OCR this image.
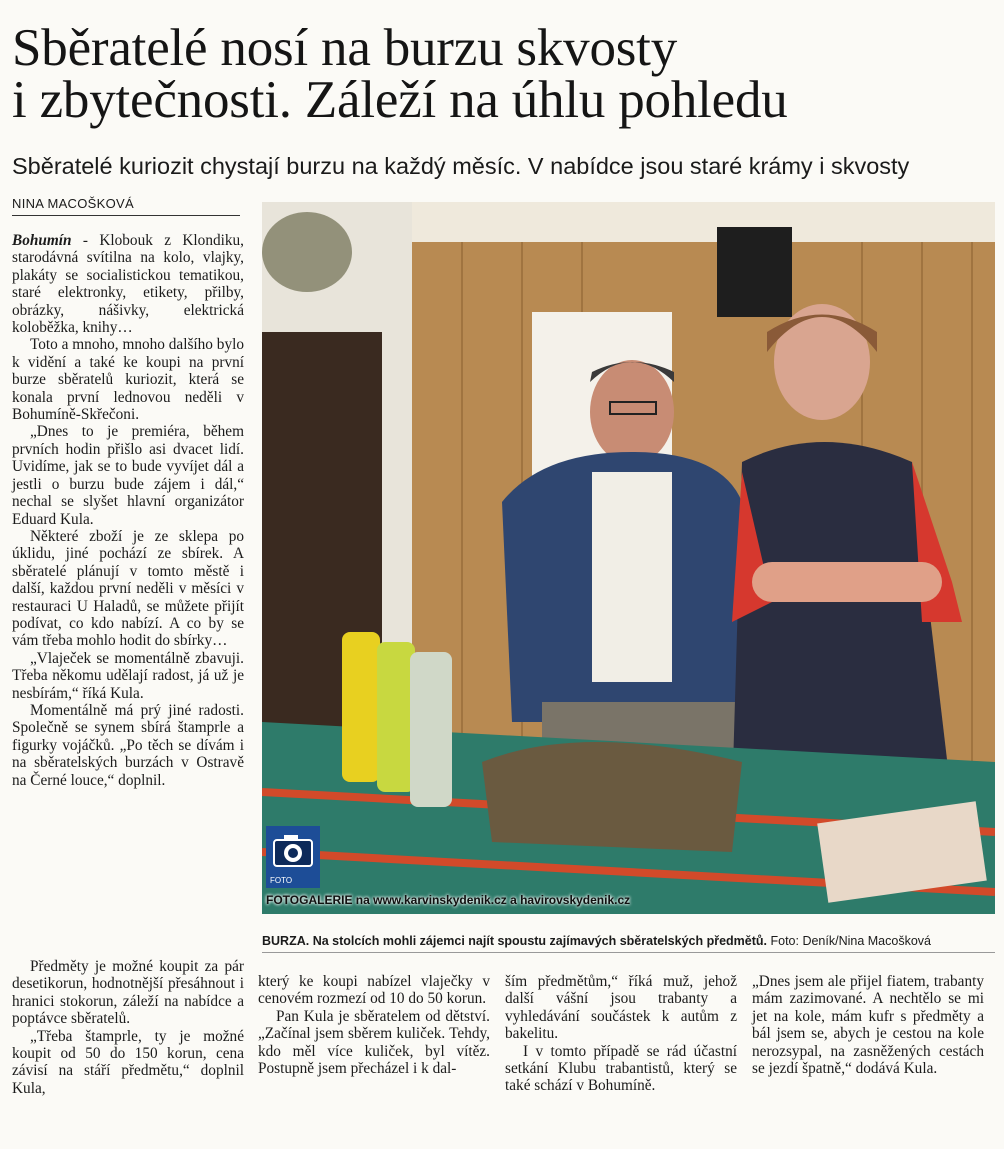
Sběratelé nosí na burzu skvosty
i zbytečnosti. Záleží na úhlu pohledu

Sběratelé kuriozit chystají burzu na každý měsíc. V nabídce jsou staré krámy i skvosty

NINA MACOŠKOVÁ

Bohumín - Klobouk z Klondiku, starodávná svítilna na kolo, vlajky, plakáty se socialistickou tematikou, staré elektronky, etikety, přilby, obrázky, nášivky, elektrická koloběžka, knihy…

Toto a mnoho, mnoho dalšího bylo k vidění a také ke koupi na první burze sběratelů kuriozit, která se konala první lednovou neděli v Bohumíně-Skřečoni.

„Dnes to je premiéra, během prvních hodin přišlo asi dvacet lidí. Uvidíme, jak se to bude vyvíjet dál a jestli o burzu bude zájem i dál,“ nechal se slyšet hlavní organizátor Eduard Kula.

Některé zboží je ze sklepa po úklidu, jiné pochází ze sbírek. A sběratelé plánují v tomto městě i další, každou první neděli v měsíci v restauraci U Haladů, se můžete přijít podívat, co kdo nabízí. A co by se vám třeba mohlo hodit do sbírky…

„Vlaječek se momentálně zbavuji. Třeba někomu udělají radost, já už je nesbírám,“ říká Kula.

Momentálně má prý jiné radosti. Společně se synem sbírá štamprle a figurky vojáčků. „Po těch se dívám i na sběratelských burzách v Ostravě na Černé louce,“ doplnil.

Předměty je možné koupit za pár desetikorun, hodnotnější přesáhnout i hranici stokorun, záleží na nabídce a poptávce sběratelů.

„Třeba štamprle, ty je možné koupit od 50 do 150 korun, cena závisí na stáří předmětu,“ doplnil Kula,

který ke koupi nabízel vlaječky v cenovém rozmezí od 10 do 50 korun.

Pan Kula je sběratelem od dětství. „Začínal jsem sběrem kuliček. Tehdy, kdo měl více kuliček, byl vítěz. Postupně jsem přecházel i k dal-

ším předmětům,“ říká muž, jehož další vášní jsou trabanty a vyhledávání součástek k autům z bakelitu.

I v tomto případě se rád účastní setkání Klubu trabantistů, který se také schází v Bohumíně.

„Dnes jsem ale přijel fiatem, trabanty mám zazimované. A nechtělo se mi jet na kole, mám kufr s předměty a bál jsem se, abych je cestou na kole nerozsypal, na zasněžených cestách se jezdí špatně,“ dodává Kula.

FOTO
FOTOGALERIE na www.karvinskydenik.cz a havirovskydenik.cz
BURZA. Na stolcích mohli zájemci najít spoustu zajímavých sběratelských předmětů. Foto: Deník/Nina Macošková
